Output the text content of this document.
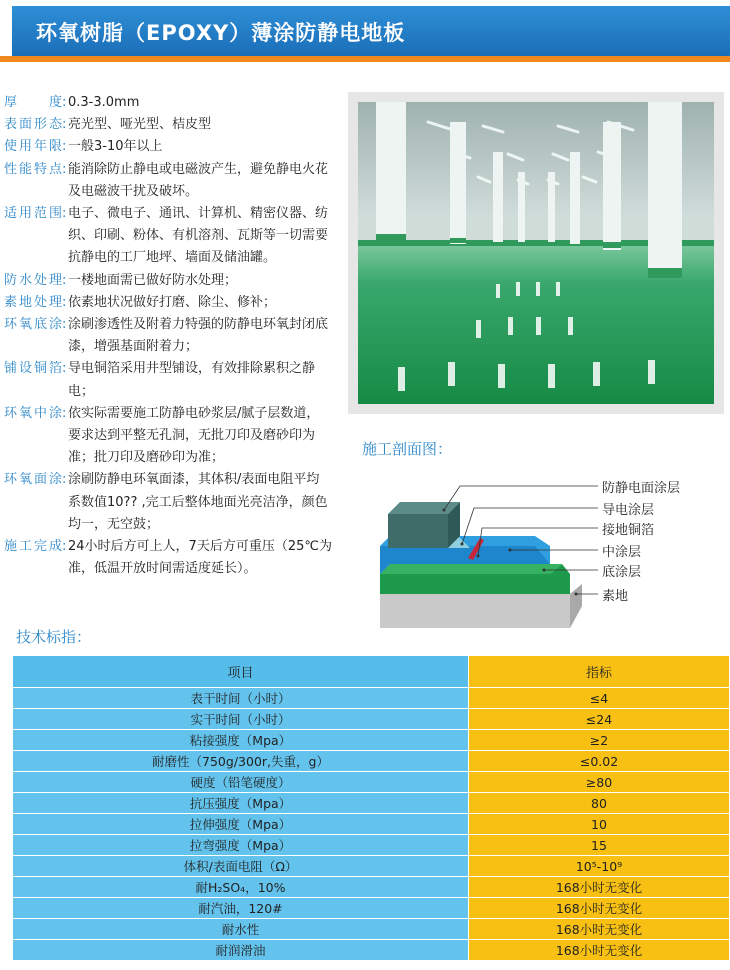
环氧树脂（EPOXY）薄涂防静电地板
厚 度 : 0.3-3.0mm
表面形态 : 亮光型、哑光型、桔皮型
使用年限 : 一般3-10年以上
性能特点 : 能消除防止静电或电磁波产生，避免静电火花
及电磁波干扰及破坏。
适用范围 : 电子、微电子、通讯、计算机、精密仪器、纺
织、印刷、粉体、有机溶剂、瓦斯等一切需要
抗静电的工厂地坪、墙面及储油罐。
防水处理 : 一楼地面需已做好防水处理；
素地处理 : 依素地状况做好打磨、除尘、修补；
环氧底涂 : 涂刷渗透性及附着力特强的防静电环氧封闭底
漆，增强基面附着力；
铺设铜箔 : 导电铜箔采用井型铺设，有效排除累积之静
电；
环氧中涂 : 依实际需要施工防静电砂浆层/腻子层数道，
要求达到平整无孔洞，无批刀印及磨砂印为
准；批刀印及磨砂印为准；
环氧面涂 : 涂刷防静电环氧面漆，其体积/表面电阻平均
系数值10?? ,完工后整体地面光亮洁净，颜色
均一，无空鼓；
施工完成 : 24小时后方可上人，7天后方可重压（25℃为
准，低温开放时间需适度延长）。
施工剖面图：
防静电面涂层
导电涂层
接地铜箔
中涂层
底涂层
素地
技术标指：
项目	指标
表干时间（小时）	≤4
实干时间（小时）	≤24
粘接强度（Mpa）	≥2
耐磨性（750g/300r,失重，g）	≤0.02
硬度（铅笔硬度）	≥80
抗压强度（Mpa）	80
拉伸强度（Mpa）	10
拉弯强度（Mpa）	15
体积/表面电阻（Ω）	10⁵-10⁹
耐H₂SO₄，10%	168小时无变化
耐汽油，120#	168小时无变化
耐水性	168小时无变化
耐润滑油	168小时无变化
